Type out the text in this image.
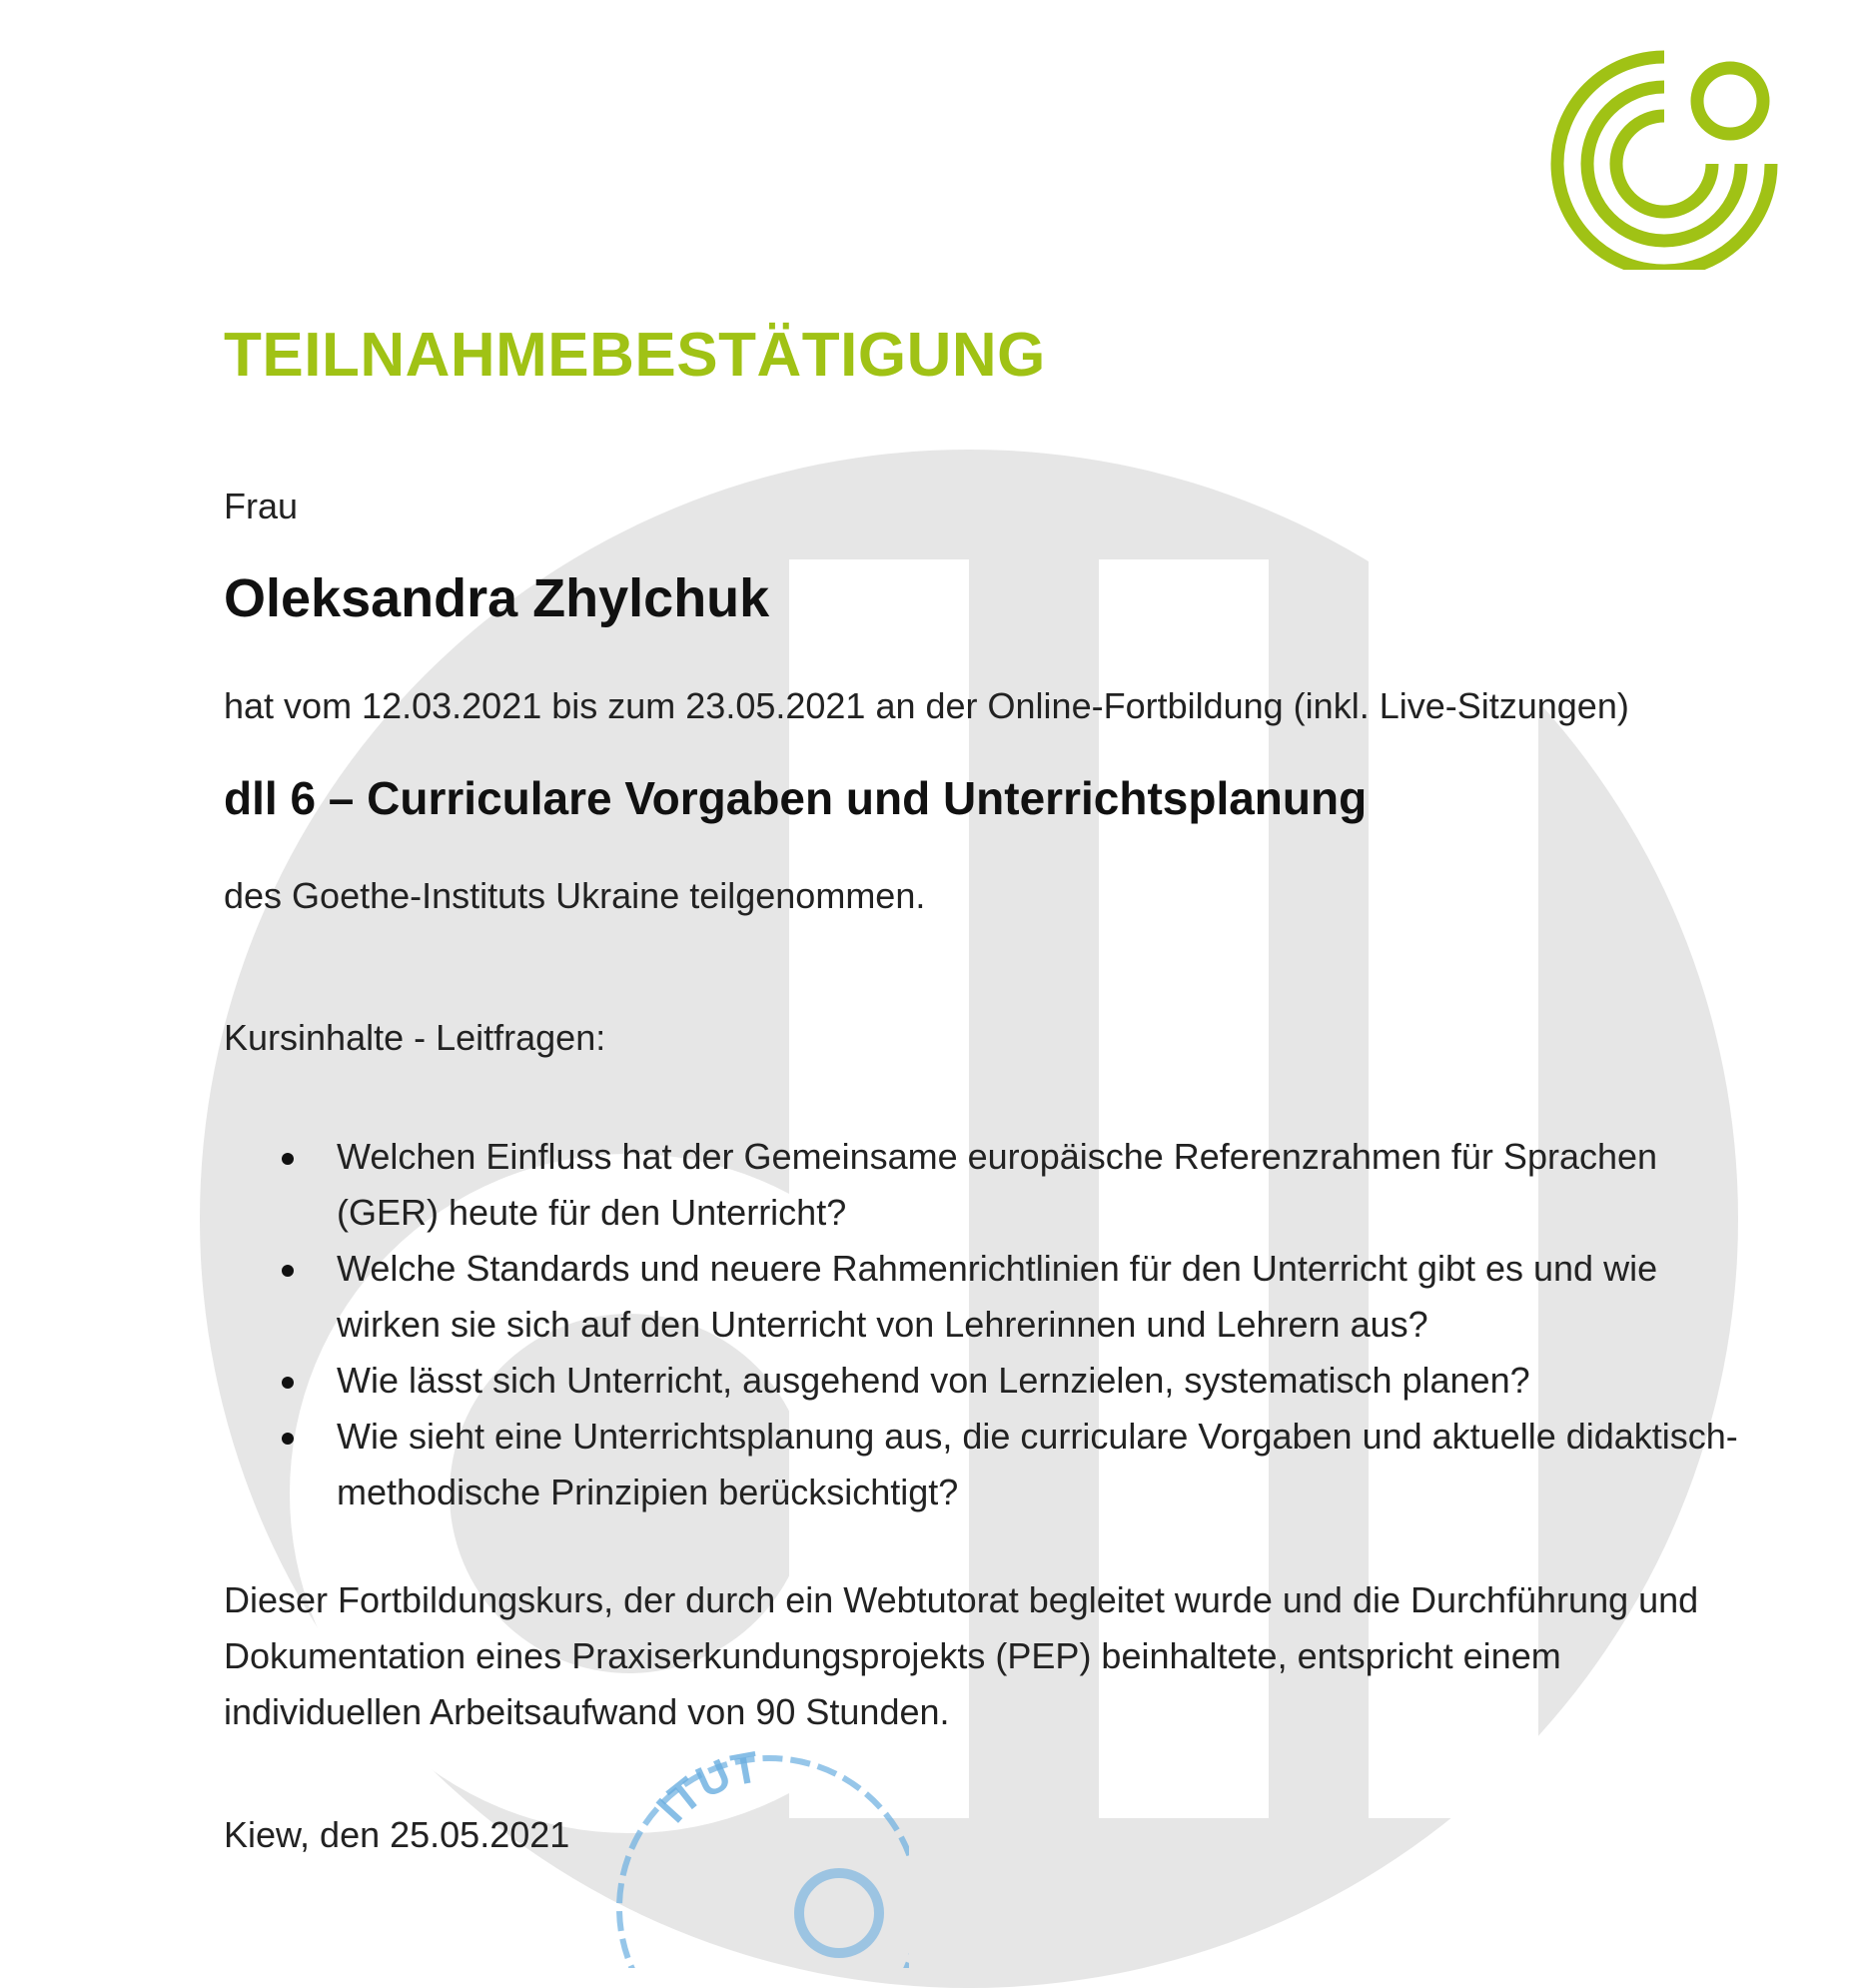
dll
TEILNAHMEBESTÄTIGUNG
Frau
Oleksandra Zhylchuk
hat vom 12.03.2021 bis zum 23.05.2021 an der Online-Fortbildung (inkl. Live-Sitzungen)
dll 6 – Curriculare Vorgaben und Unterrichtsplanung
des Goethe-Instituts Ukraine teilgenommen.
Kursinhalte - Leitfragen:
Welchen Einfluss hat der Gemeinsame europäische Referenzrahmen für Sprachen (GER) heute für den Unterricht?
Welche Standards und neuere Rahmenrichtlinien für den Unterricht gibt es und wie wirken sie sich auf den Unterricht von Lehrerinnen und Lehrern aus?
Wie lässt sich Unterricht, ausgehend von Lernzielen, systematisch planen?
Wie sieht eine Unterrichtsplanung aus, die curriculare Vorgaben und aktuelle didaktisch-methodische Prinzipien berücksichtigt?

Dieser Fortbildungskurs, der durch ein Webtutorat begleitet wurde und die Durchführung und Dokumentation eines Praxiserkundungsprojekts (PEP) beinhaltete, entspricht einem individuellen Arbeitsaufwand von 90 Stunden.

ITUT
Kiew, den 25.05.2021
